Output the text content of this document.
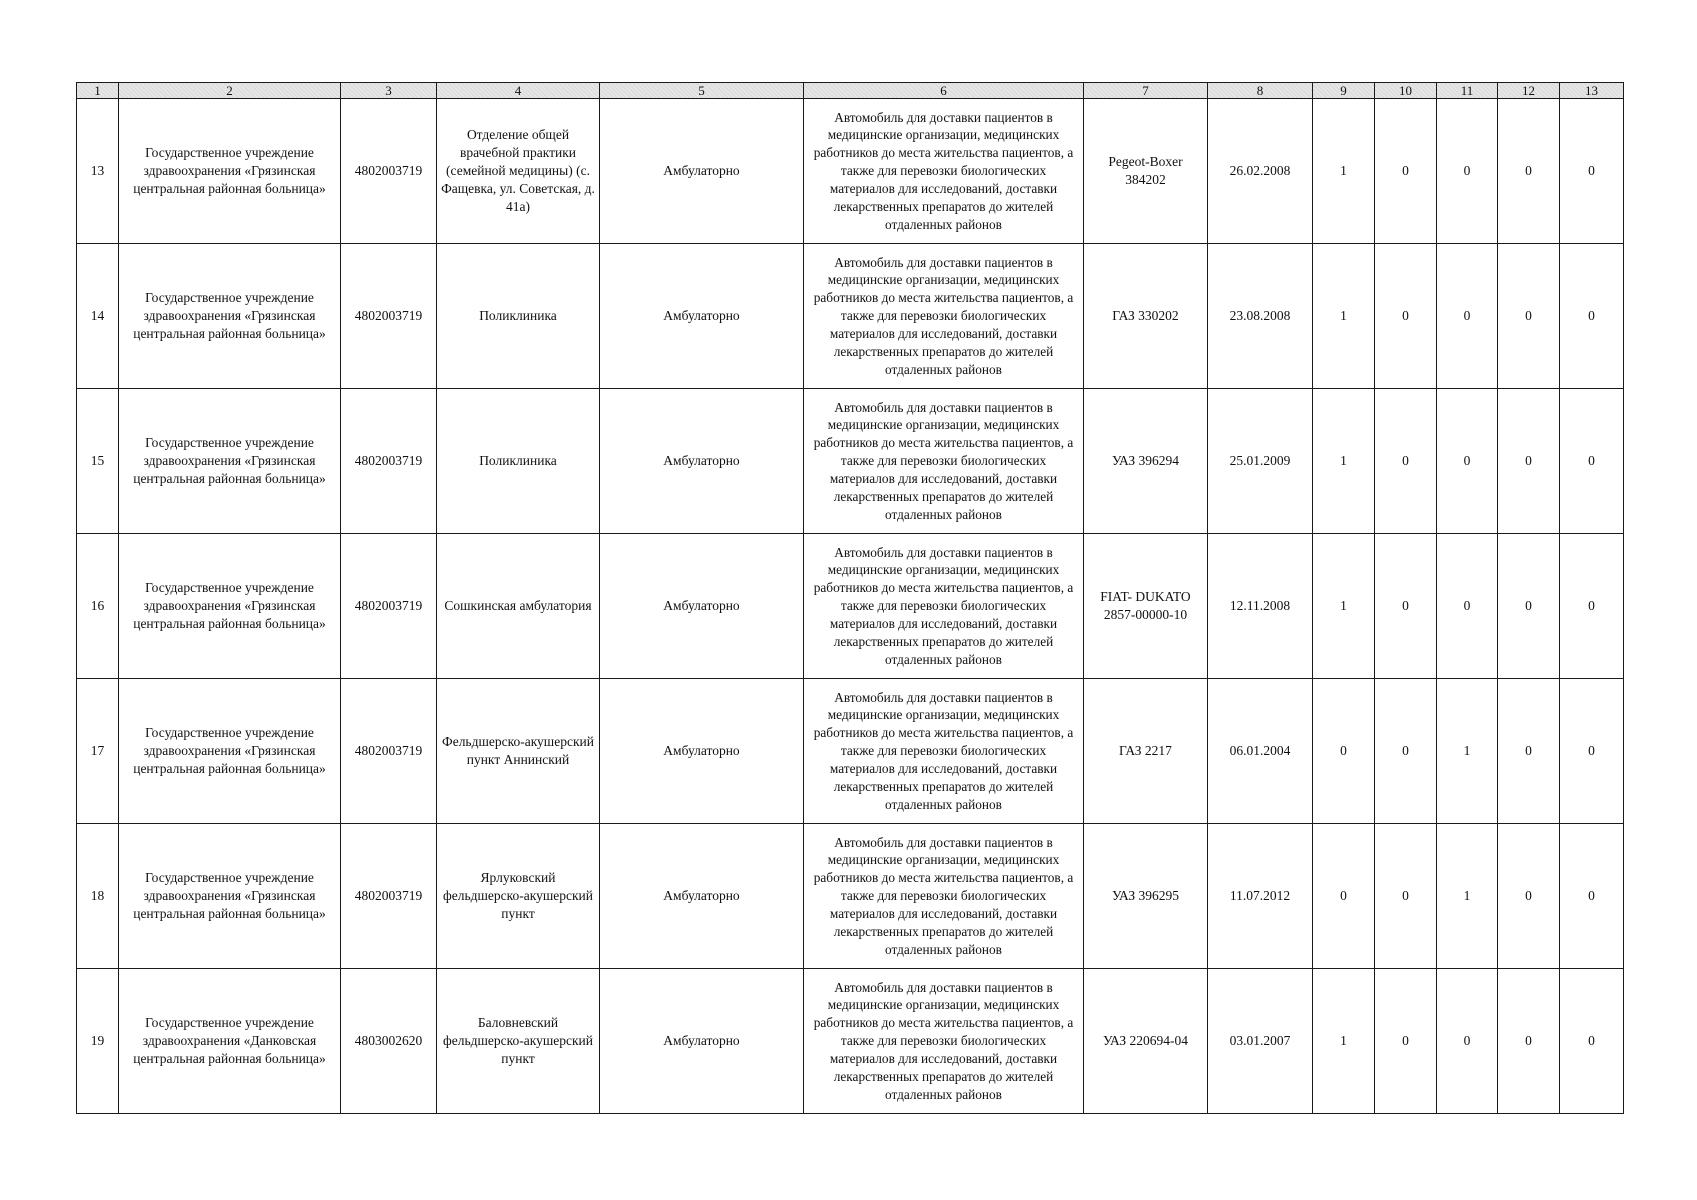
1	2	3	4	5	6	7	8	9	10	11	12	13
13	Государственное учреждение здравоохранения «Грязинская центральная районная больница»	4802003719	Отделение общей врачебной практики (семейной медицины) (с. Фащевка, ул. Советская, д. 41а)	Амбулаторно	Автомобиль для доставки пациентов в медицинские организации, медицинских работников до места жительства пациентов, а также для перевозки биологических материалов для исследований, доставки лекарственных препаратов до жителей отдаленных районов	Pegeot-Boxer 384202	26.02.2008	1	0	0	0	0
14	Государственное учреждение здравоохранения «Грязинская центральная районная больница»	4802003719	Поликлиника	Амбулаторно	Автомобиль для доставки пациентов в медицинские организации, медицинских работников до места жительства пациентов, а также для перевозки биологических материалов для исследований, доставки лекарственных препаратов до жителей отдаленных районов	ГАЗ 330202	23.08.2008	1	0	0	0	0
15	Государственное учреждение здравоохранения «Грязинская центральная районная больница»	4802003719	Поликлиника	Амбулаторно	Автомобиль для доставки пациентов в медицинские организации, медицинских работников до места жительства пациентов, а также для перевозки биологических материалов для исследований, доставки лекарственных препаратов до жителей отдаленных районов	УАЗ 396294	25.01.2009	1	0	0	0	0
16	Государственное учреждение здравоохранения «Грязинская центральная районная больница»	4802003719	Сошкинская амбулатория	Амбулаторно	Автомобиль для доставки пациентов в медицинские организации, медицинских работников до места жительства пациентов, а также для перевозки биологических материалов для исследований, доставки лекарственных препаратов до жителей отдаленных районов	FIAT- DUKATO 2857-00000-10	12.11.2008	1	0	0	0	0
17	Государственное учреждение здравоохранения «Грязинская центральная районная больница»	4802003719	Фельдшерско-акушерский пункт Аннинский	Амбулаторно	Автомобиль для доставки пациентов в медицинские организации, медицинских работников до места жительства пациентов, а также для перевозки биологических материалов для исследований, доставки лекарственных препаратов до жителей отдаленных районов	ГАЗ 2217	06.01.2004	0	0	1	0	0
18	Государственное учреждение здравоохранения «Грязинская центральная районная больница»	4802003719	Ярлуковский фельдшерско-акушерский пункт	Амбулаторно	Автомобиль для доставки пациентов в медицинские организации, медицинских работников до места жительства пациентов, а также для перевозки биологических материалов для исследований, доставки лекарственных препаратов до жителей отдаленных районов	УАЗ 396295	11.07.2012	0	0	1	0	0
19	Государственное учреждение здравоохранения «Данковская центральная районная больница»	4803002620	Баловневский фельдшерско-акушерский пункт	Амбулаторно	Автомобиль для доставки пациентов в медицинские организации, медицинских работников до места жительства пациентов, а также для перевозки биологических материалов для исследований, доставки лекарственных препаратов до жителей отдаленных районов	УАЗ 220694-04	03.01.2007	1	0	0	0	0
